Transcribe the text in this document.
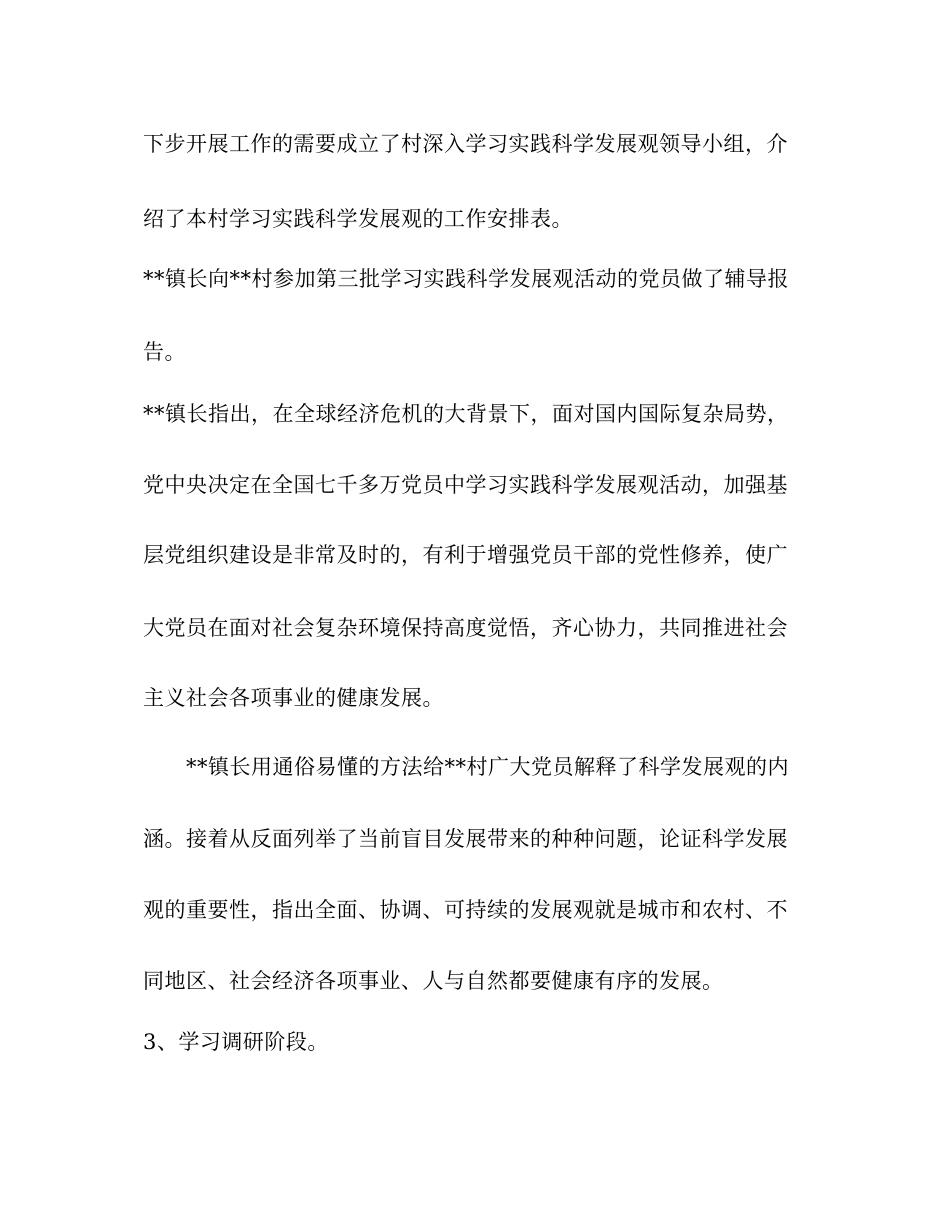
下步开展工作的需要成立了村深入学习实践科学发展观领导小组，介
绍了本村学习实践科学发展观的工作安排表。
**镇长向**村参加第三批学习实践科学发展观活动的党员做了辅导报
告。
**镇长指出，在全球经济危机的大背景下，面对国内国际复杂局势，
党中央决定在全国七千多万党员中学习实践科学发展观活动，加强基
层党组织建设是非常及时的，有利于增强党员干部的党性修养，使广
大党员在面对社会复杂环境保持高度觉悟，齐心协力，共同推进社会
主义社会各项事业的健康发展。
**镇长用通俗易懂的方法给**村广大党员解释了科学发展观的内
涵。接着从反面列举了当前盲目发展带来的种种问题，论证科学发展
观的重要性，指出全面、协调、可持续的发展观就是城市和农村、不
同地区、社会经济各项事业、人与自然都要健康有序的发展。
3、学习调研阶段。
